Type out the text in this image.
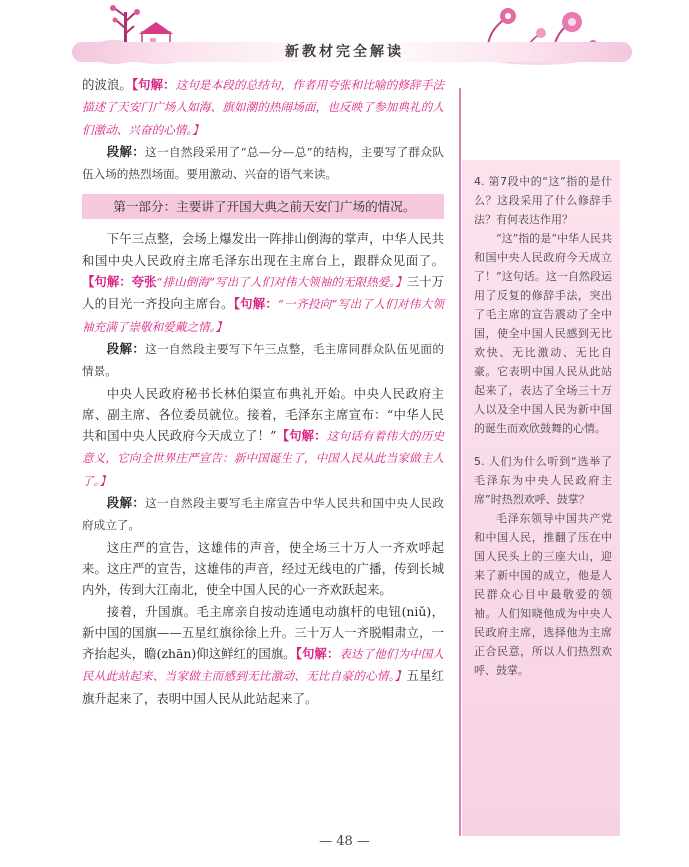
新教材完全解读

的波浪。【句解：这句是本段的总结句，作者用夸张和比喻的修辞手法描述了天安门广场人如海、旗如潮的热闹场面，也反映了参加典礼的人们激动、兴奋的心情。】

段解：这一自然段采用了“总—分—总”的结构，主要写了群众队伍入场的热烈场面。要用激动、兴奋的语气来读。

第一部分：主要讲了开国大典之前天安门广场的情况。

下午三点整，会场上爆发出一阵排山倒海的掌声，中华人民共和国中央人民政府主席毛泽东出现在主席台上，跟群众见面了。【句解：夸张“排山倒海”写出了人们对伟大领袖的无限热爱。】三十万人的目光一齐投向主席台。【句解：“一齐投向”写出了人们对伟大领袖充满了崇敬和爱戴之情。】

段解：这一自然段主要写下午三点整，毛主席同群众队伍见面的情景。

中央人民政府秘书长林伯渠宣布典礼开始。中央人民政府主席、副主席、各位委员就位。接着，毛泽东主席宣布：“中华人民共和国中央人民政府今天成立了！”【句解：这句话有着伟大的历史意义，它向全世界庄严宣告：新中国诞生了，中国人民从此当家做主人了。】

段解：这一自然段主要写毛主席宣告中华人民共和国中央人民政府成立了。

这庄严的宣告，这雄伟的声音，使全场三十万人一齐欢呼起来。这庄严的宣告，这雄伟的声音，经过无线电的广播，传到长城内外，传到大江南北，使全中国人民的心一齐欢跃起来。

接着，升国旗。毛主席亲自按动连通电动旗杆的电钮(niǔ)，新中国的国旗——五星红旗徐徐上升。三十万人一齐脱帽肃立，一齐抬起头，瞻(zhān)仰这鲜红的国旗。【句解：表达了他们为中国人民从此站起来、当家做主而感到无比激动、无比自豪的心情。】五星红旗升起来了，表明中国人民从此站起来了。

4. 第7段中的“这”指的是什么？这段采用了什么修辞手法？有何表达作用？

“这”指的是“中华人民共和国中央人民政府今天成立了！”这句话。这一自然段运用了反复的修辞手法，突出了毛主席的宣告震动了全中国，使全中国人民感到无比欢快、无比激动、无比自豪。它表明中国人民从此站起来了，表达了全场三十万人以及全中国人民为新中国的诞生而欢欣鼓舞的心情。

5. 人们为什么听到“选举了毛泽东为中央人民政府主席”时热烈欢呼、鼓掌？

毛泽东领导中国共产党和中国人民，推翻了压在中国人民头上的三座大山，迎来了新中国的成立，他是人民群众心目中最敬爱的领袖。人们知晓他成为中央人民政府主席，选择他为主席正合民意，所以人们热烈欢呼、鼓掌。

— 48 —
